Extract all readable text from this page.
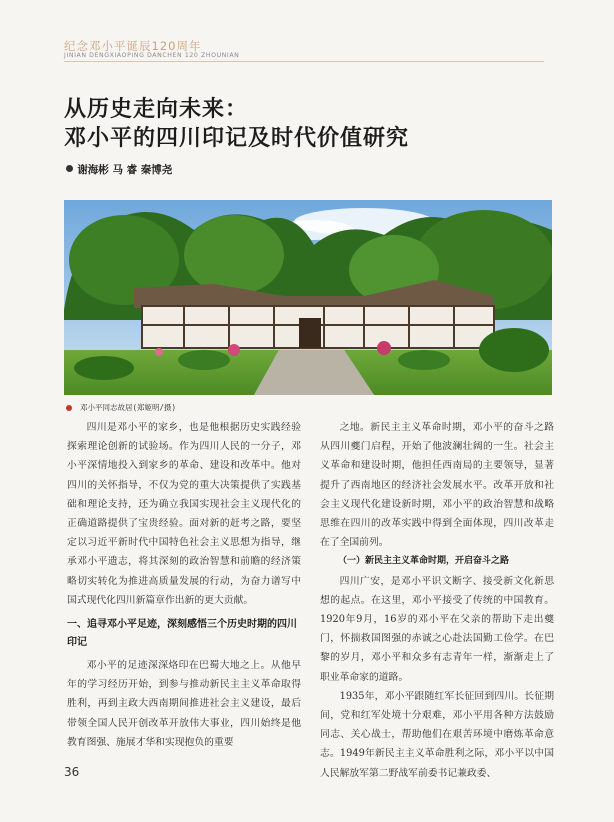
纪念邓小平诞辰120周年
JINIAN DENGXIAOPING DANCHEN 120 ZHOUNIAN
从历史走向未来：
邓小平的四川印记及时代价值研究
谢海彬 马 睿 秦博尧
邓小平同志故居(郑姬明/摄)

四川是邓小平的家乡，也是他根据历史实践经验探索理论创新的试验场。作为四川人民的一分子，邓小平深情地投入到家乡的革命、建设和改革中。他对四川的关怀指导，不仅为党的重大决策提供了实践基础和理论支持，还为确立我国实现社会主义现代化的正确道路提供了宝贵经验。面对新的赶考之路，要坚定以习近平新时代中国特色社会主义思想为指导，继承邓小平遗志，将其深刻的政治智慧和前瞻的经济策略切实转化为推进高质量发展的行动，为奋力谱写中国式现代化四川新篇章作出新的更大贡献。

一、追寻邓小平足迹，深刻感悟三个历史时期的四川印记

邓小平的足迹深深烙印在巴蜀大地之上。从他早年的学习经历开始，到参与推动新民主主义革命取得胜利，再到主政大西南期间推进社会主义建设，最后带领全国人民开创改革开放伟大事业，四川始终是他教育图强、施展才华和实现抱负的重要

之地。新民主主义革命时期，邓小平的奋斗之路从四川夔门启程，开始了他波澜壮阔的一生。社会主义革命和建设时期，他担任西南局的主要领导，显著提升了西南地区的经济社会发展水平。改革开放和社会主义现代化建设新时期，邓小平的政治智慧和战略思维在四川的改革实践中得到全面体现，四川改革走在了全国前列。

（一）新民主主义革命时期，开启奋斗之路

四川广安，是邓小平识文断字、接受新文化新思想的起点。在这里，邓小平接受了传统的中国教育。1920年9月，16岁的邓小平在父亲的帮助下走出夔门，怀揣救国图强的赤诚之心赴法国勤工俭学。在巴黎的岁月，邓小平和众多有志青年一样，渐渐走上了职业革命家的道路。

1935年，邓小平跟随红军长征回到四川。长征期间，党和红军处境十分艰难，邓小平用各种方法鼓励同志、关心战士，帮助他们在艰苦环境中磨炼革命意志。1949年新民主主义革命胜利之际，邓小平以中国人民解放军第二野战军前委书记兼政委、

36
